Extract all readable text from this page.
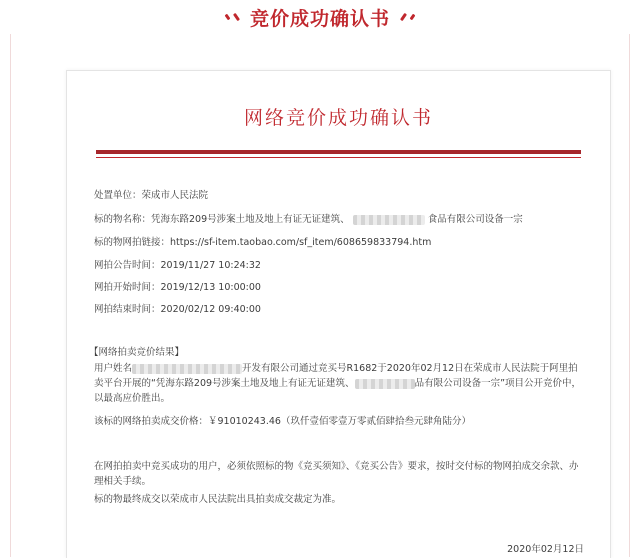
竞价成功确认书
网络竞价成功确认书
处置单位：荣成市人民法院
标的物名称：凭海东路209号涉案土地及地上有证无证建筑、	食品有限公司设备一宗
标的物网拍链接：https://sf-item.taobao.com/sf_item/608659833794.htm
网拍公告时间：2019/11/27 10:24:32
网拍开始时间：2019/12/13 10:00:00
网拍结束时间：2020/02/12 09:40:00
【网络拍卖竞价结果】
用户姓名	开发有限公司通过竞买号R1682于2020年02月12日在荣成市人民法院于阿里拍卖平台开展的“凭海东路209号涉案土地及地上有证无证建筑、	品有限公司设备一宗”项目公开竞价中，以最高应价胜出。
该标的网络拍卖成交价格：￥91010243.46（玖仟壹佰零壹万零贰佰肆拾叁元肆角陆分）
在网拍拍卖中竞买成功的用户，必须依照标的物《竞买须知》、《竞买公告》要求，按时交付标的物网拍成交余款、办理相关手续。
标的物最终成交以荣成市人民法院出具拍卖成交裁定为准。
2020年02月12日
